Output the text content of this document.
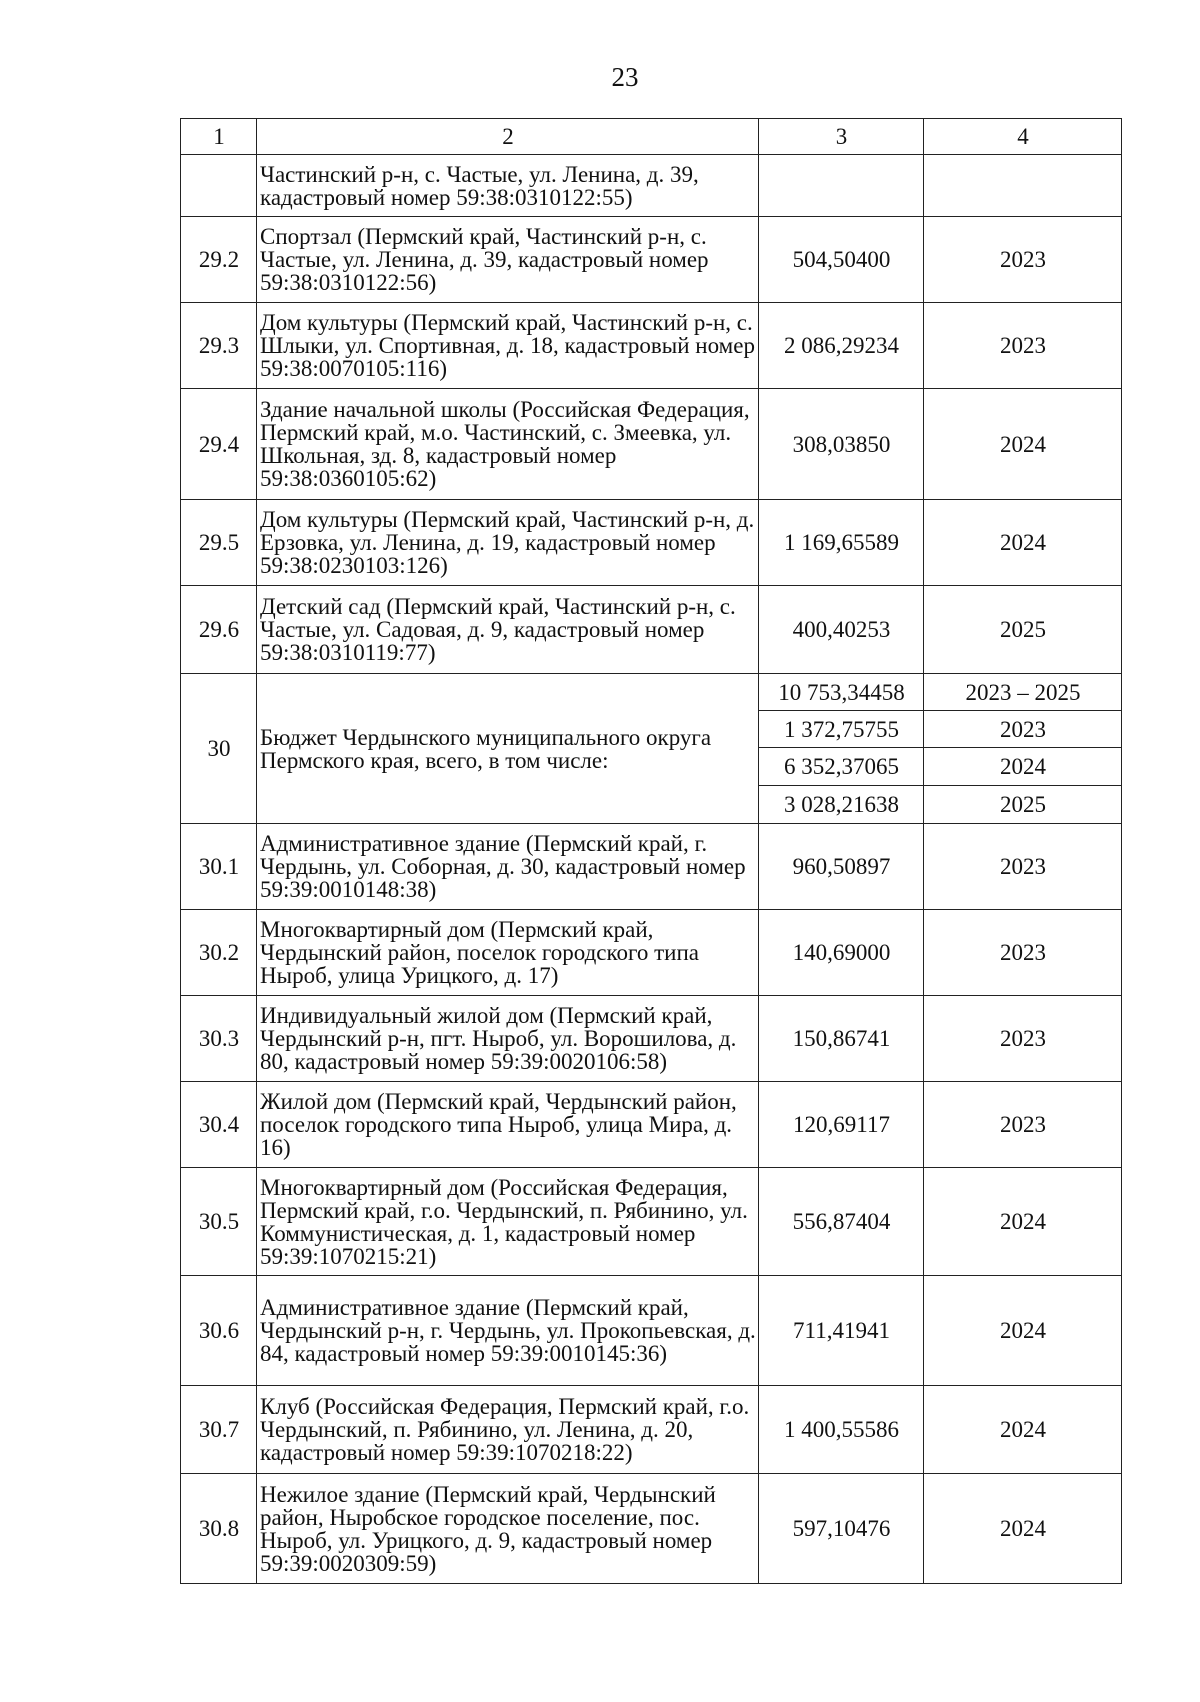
23
1	2	3	4
	Частинский р-н, с. Частые, ул. Ленина, д. 39, кадастровый номер 59:38:0310122:55)		
29.2	Спортзал (Пермский край, Частинский р-н, с. Частые, ул. Ленина, д. 39, кадастровый номер 59:38:0310122:56)	504,50400	2023
29.3	Дом культуры (Пермский край, Частинский р-н, с. Шлыки, ул. Спортивная, д. 18, кадастровый номер 59:38:0070105:116)	2 086,29234	2023
29.4	Здание начальной школы (Российская Федерация, Пермский край, м.о. Частинский, с. Змеевка, ул. Школьная, зд. 8, кадастровый номер 59:38:0360105:62)	308,03850	2024
29.5	Дом культуры (Пермский край, Частинский р-н, д. Ерзовка, ул. Ленина, д. 19, кадастровый номер 59:38:0230103:126)	1 169,65589	2024
29.6	Детский сад (Пермский край, Частинский р-н, с. Частые, ул. Садовая, д. 9, кадастровый номер 59:38:0310119:77)	400,40253	2025
30	Бюджет Чердынского муниципального округа Пермского края, всего, в том числе:	10 753,34458	2023 – 2025
		1 372,75755	2023
		6 352,37065	2024
		3 028,21638	2025
30.1	Административное здание (Пермский край, г. Чердынь, ул. Соборная, д. 30, кадастровый номер 59:39:0010148:38)	960,50897	2023
30.2	Многоквартирный дом (Пермский край, Чердынский район, поселок городского типа Ныроб, улица Урицкого, д. 17)	140,69000	2023
30.3	Индивидуальный жилой дом (Пермский край, Чердынский р-н, пгт. Ныроб, ул. Ворошилова, д. 80, кадастровый номер 59:39:0020106:58)	150,86741	2023
30.4	Жилой дом (Пермский край, Чердынский район, поселок городского типа Ныроб, улица Мира, д. 16)	120,69117	2023
30.5	Многоквартирный дом (Российская Федерация, Пермский край, г.о. Чердынский, п. Рябинино, ул. Коммунистическая, д. 1, кадастровый номер 59:39:1070215:21)	556,87404	2024
30.6	Административное здание (Пермский край, Чердынский р-н, г. Чердынь, ул. Прокопьевская, д. 84, кадастровый номер 59:39:0010145:36)	711,41941	2024
30.7	Клуб (Российская Федерация, Пермский край, г.о. Чердынский, п. Рябинино, ул. Ленина, д. 20, кадастровый номер 59:39:1070218:22)	1 400,55586	2024
30.8	Нежилое здание (Пермский край, Чердынский район, Ныробское городское поселение, пос. Ныроб, ул. Урицкого, д. 9, кадастровый номер 59:39:0020309:59)	597,10476	2024
